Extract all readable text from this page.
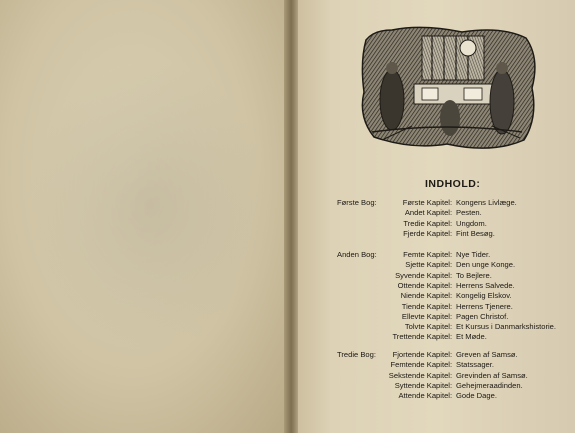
INDHOLD:
Første Bog:	Første Kapitel : Kongens Livlæge.
Andet Kapitel : Pesten.
Tredie Kapitel : Ungdom.
Fjerde Kapitel : Fint Besøg.
Anden Bog:	Femte Kapitel : Nye Tider.
Sjette Kapitel : Den unge Konge.
Syvende Kapitel : To Bejlere.
Ottende Kapitel : Herrens Salvede.
Niende Kapitel : Kongelig Elskov.
Tiende Kapitel : Herrens Tjenere.
Ellevte Kapitel : Pagen Christof.
Tolvte Kapitel : Et Kursus i Danmarkshistorie.
Trettende Kapitel : Et Møde.
Tredie Bog: Fjortende Kapitel : Greven af Samsø.
Femtende Kapitel : Statssager.
Sekstende Kapitel : Grevinden af Samsø.
Syttende Kapitel : Gehejmeraadinden.
Attende Kapitel : Gode Dage.
